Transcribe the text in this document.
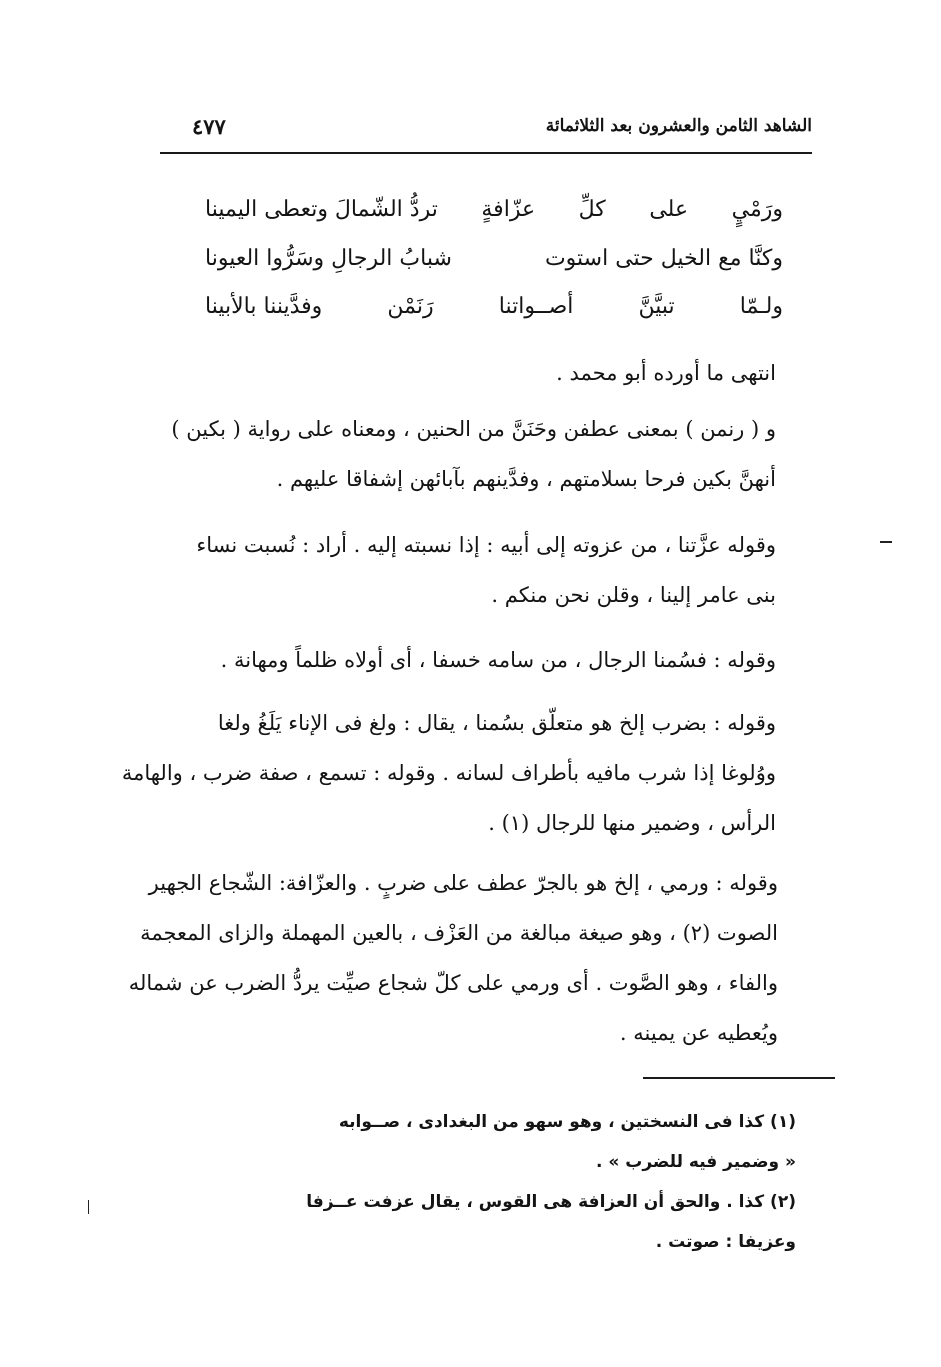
الشاهد الثامن والعشرون بعد الثلاثمائة
٤٧٧
ورَمْيٍ
على
كلِّ
عزّافةٍ
تردُّ الشّمالَ وتعطى اليمينا
وكنَّا مع الخيل حتى استوت
شبابُ الرجالِ وسَرُّوا العيونا
ولـمّا
تبيَّنَّ
أصــواتنا
رَنَمْن
وفدَّيننا بالأبينا
انتهى ما أورده أبو محمد .
و ( رنمن ) بمعنى عطفن وحَنَنَّ من الحنين ، ومعناه على رواية ( بكين )
أنهنَّ بكين فرحا بسلامتهم ، وفدَّينهم بآبائهن إشفاقا عليهم .
وقوله عزَّتنا ، من عزوته إلى أبيه : إذا نسبته إليه . أراد : نُسبت نساء
بنى عامر إلينا ، وقلن نحن منكم .
وقوله : فسُمنا الرجال ، من سامه خسفا ، أى أولاه ظلماً ومهانة .
وقوله : بضرب إلخ هو متعلّق بسُمنا ، يقال : ولغ فى الإناء يَلَغُ ولغا
ووُلوغا إذا شرب مافيه بأطراف لسانه . وقوله : تسمع ، صفة ضرب ، والهامة
الرأس ، وضمير منها للرجال (١) .
وقوله : ورمي ، إلخ هو بالجرّ عطف على ضربٍ . والعزّافة: الشّجاع الجهير
الصوت (٢) ، وهو صيغة مبالغة من العَزْف ، بالعين المهملة والزاى المعجمة
والفاء ، وهو الصَّوت . أى ورمي على كلّ شجاع صيِّت يردُّ الضرب عن شماله
ويُعطيه عن يمينه .
(١) كذا فى النسختين ، وهو سهو من البغدادى ، صــوابه
« وضمير فيه للضرب » .
(٢) كذا . والحق أن العزافة هى القوس ، يقال عزفت عــزفا
وعزيفا : صوتت .
